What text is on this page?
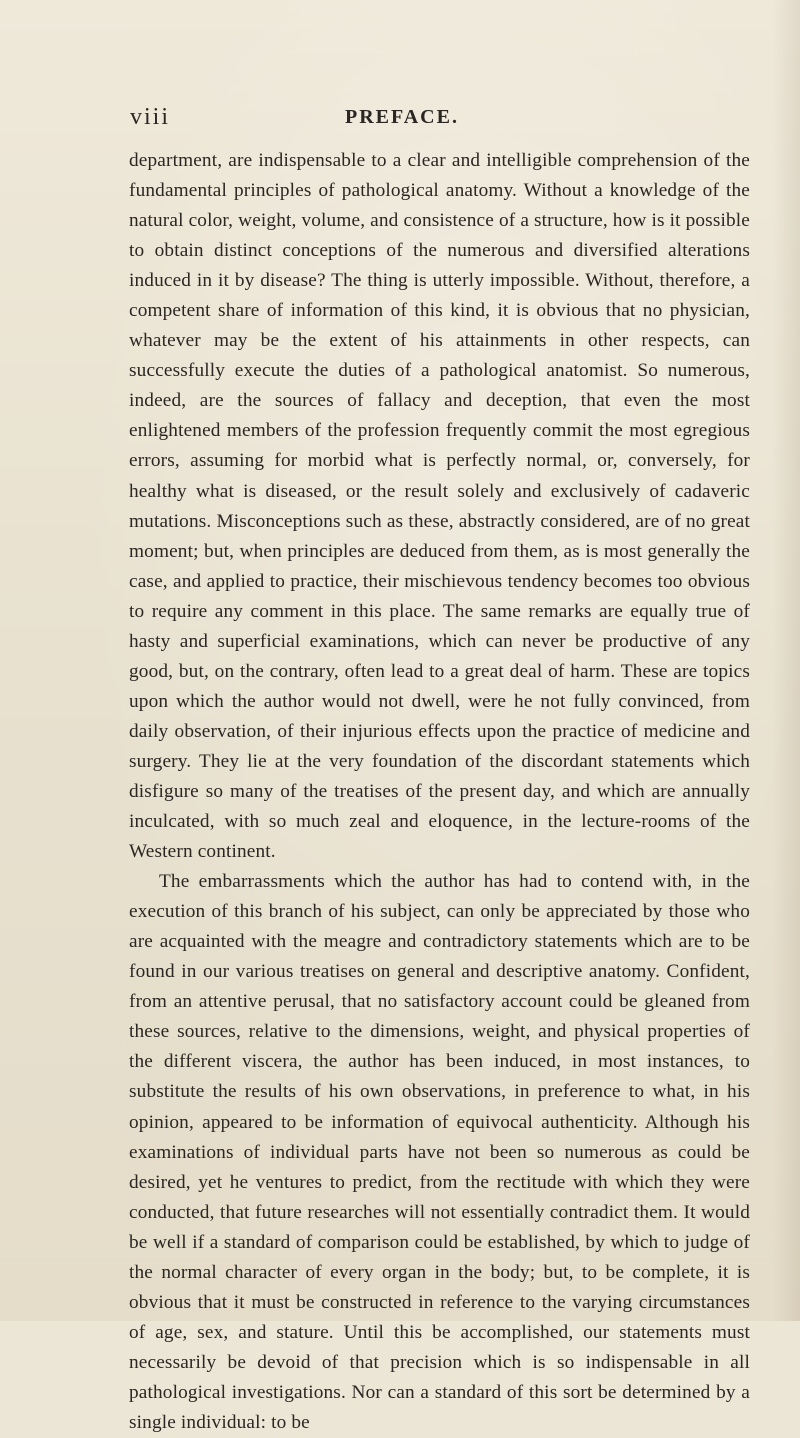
viii	PREFACE.

department, are indispensable to a clear and intelligible comprehension of the fundamental principles of pathological anatomy. Without a knowledge of the natural color, weight, volume, and consistence of a structure, how is it possible to obtain distinct conceptions of the numerous and diversified alterations induced in it by disease? The thing is utterly impossible. Without, therefore, a competent share of information of this kind, it is obvious that no physician, whatever may be the extent of his attainments in other respects, can successfully execute the duties of a pathological anatomist. So numerous, indeed, are the sources of fallacy and deception, that even the most enlightened members of the profession frequently commit the most egregious errors, assuming for morbid what is perfectly normal, or, conversely, for healthy what is diseased, or the result solely and exclusively of cadaveric mutations. Misconceptions such as these, abstractly considered, are of no great moment; but, when principles are deduced from them, as is most generally the case, and applied to practice, their mischievous tendency becomes too obvious to require any comment in this place. The same remarks are equally true of hasty and superficial examinations, which can never be productive of any good, but, on the contrary, often lead to a great deal of harm. These are topics upon which the author would not dwell, were he not fully convinced, from daily observation, of their injurious effects upon the practice of medicine and surgery. They lie at the very foundation of the discordant statements which disfigure so many of the treatises of the present day, and which are annually inculcated, with so much zeal and eloquence, in the lecture-rooms of the Western continent.

The embarrassments which the author has had to contend with, in the execution of this branch of his subject, can only be appreciated by those who are acquainted with the meagre and contradictory statements which are to be found in our various treatises on general and descriptive anatomy. Confident, from an attentive perusal, that no satisfactory account could be gleaned from these sources, relative to the dimensions, weight, and physical properties of the different viscera, the author has been induced, in most instances, to substitute the results of his own observations, in preference to what, in his opinion, appeared to be information of equivocal authenticity. Although his examinations of individual parts have not been so numerous as could be desired, yet he ventures to predict, from the rectitude with which they were conducted, that future researches will not essentially contradict them. It would be well if a standard of comparison could be established, by which to judge of the normal character of every organ in the body; but, to be complete, it is obvious that it must be constructed in reference to the varying circumstances of age, sex, and stature. Until this be accomplished, our statements must necessarily be devoid of that precision which is so indispensable in all pathological investigations. Nor can a standard of this sort be determined by a single individual: to be
